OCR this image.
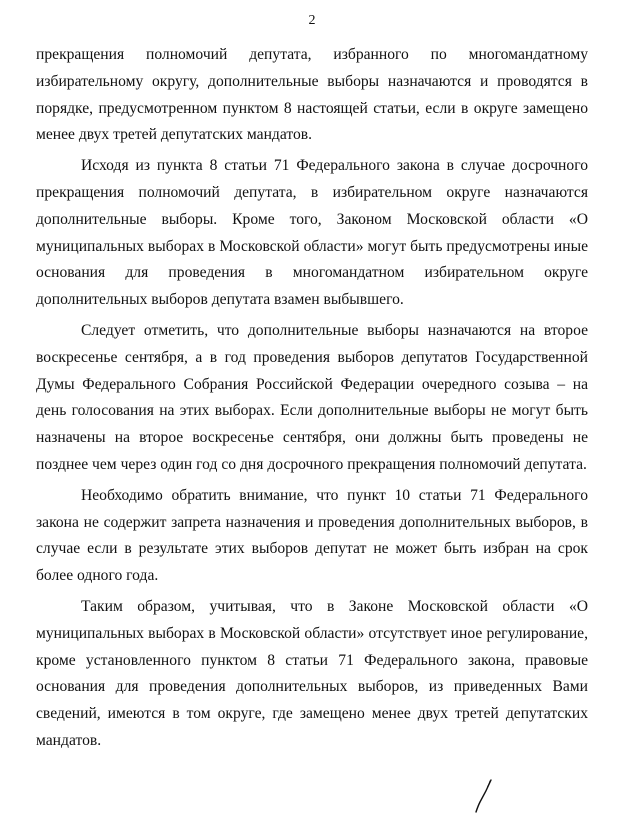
2

прекращения полномочий депутата, избранного по многомандатному избирательному округу, дополнительные выборы назначаются и проводятся в порядке, предусмотренном пунктом 8 настоящей статьи, если в округе замещено менее двух третей депутатских мандатов.

Исходя из пункта 8 статьи 71 Федерального закона в случае досрочного прекращения полномочий депутата, в избирательном округе назначаются дополнительные выборы. Кроме того, Законом Московской области «О муниципальных выборах в Московской области» могут быть предусмотрены иные основания для проведения в многомандатном избирательном округе дополнительных выборов депутата взамен выбывшего.

Следует отметить, что дополнительные выборы назначаются на второе воскресенье сентября, а в год проведения выборов депутатов Государственной Думы Федерального Собрания Российской Федерации очередного созыва – на день голосования на этих выборах. Если дополнительные выборы не могут быть назначены на второе воскресенье сентября, они должны быть проведены не позднее чем через один год со дня досрочного прекращения полномочий депутата.

Необходимо обратить внимание, что пункт 10 статьи 71 Федерального закона не содержит запрета назначения и проведения дополнительных выборов, в случае если в результате этих выборов депутат не может быть избран на срок более одного года.

Таким образом, учитывая, что в Законе Московской области «О муниципальных выборах в Московской области» отсутствует иное регулирование, кроме установленного пунктом 8 статьи 71 Федерального закона, правовые основания для проведения дополнительных выборов, из приведенных Вами сведений, имеются в том округе, где замещено менее двух третей депутатских мандатов.
